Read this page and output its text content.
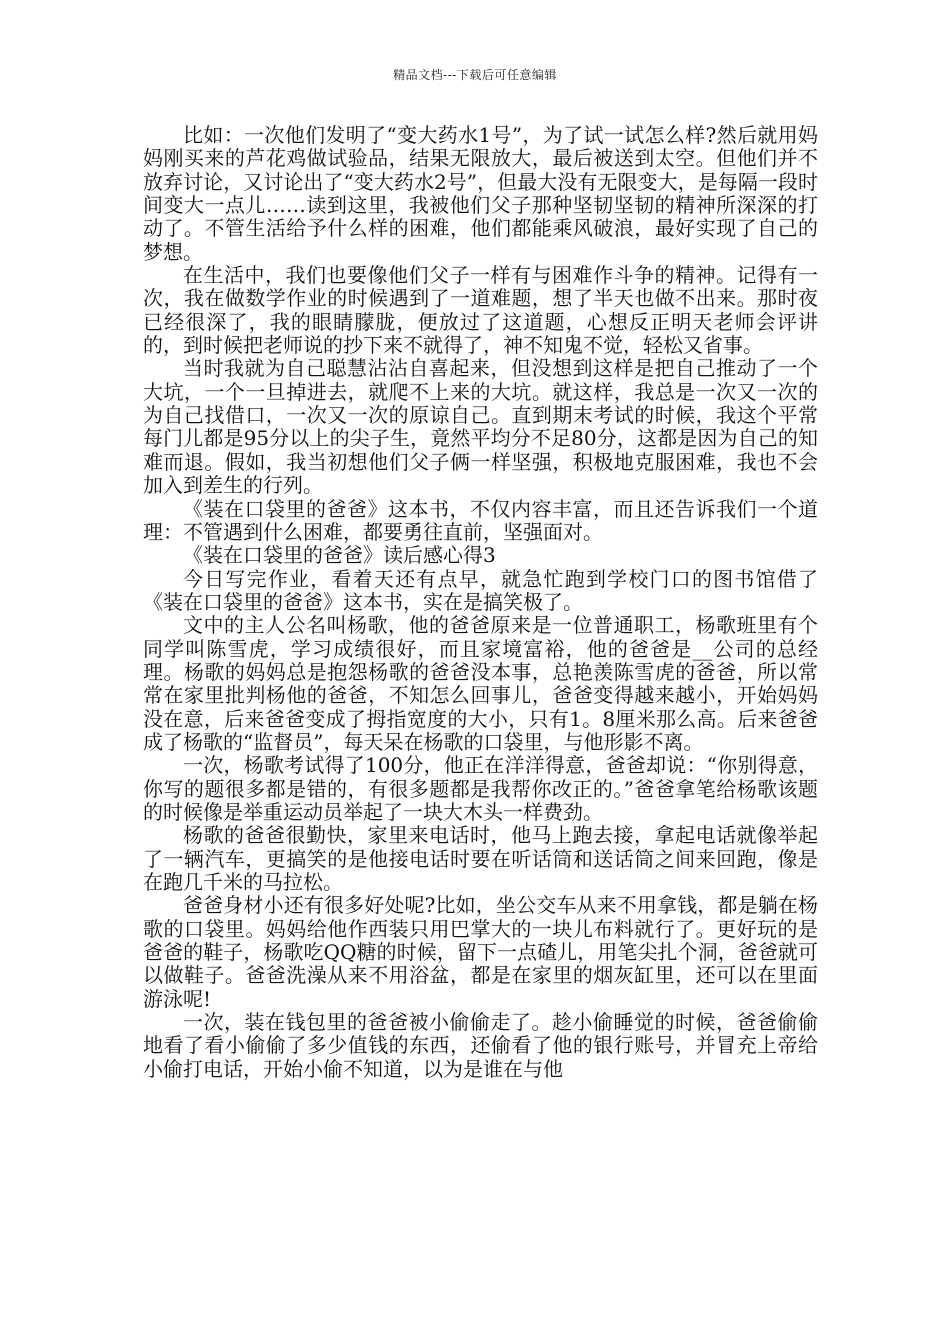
精品文档---下载后可任意编辑

比如：一次他们发明了“变大药水1号”，为了试一试怎么样?然后就用妈妈刚买来的芦花鸡做试验品，结果无限放大，最后被送到太空。但他们并不放弃讨论，又讨论出了“变大药水2号”，但最大没有无限变大，是每隔一段时间变大一点儿……读到这里，我被他们父子那种坚韧坚韧的精神所深深的打动了。不管生活给予什么样的困难，他们都能乘风破浪，最好实现了自己的梦想。

在生活中，我们也要像他们父子一样有与困难作斗争的精神。记得有一次，我在做数学作业的时候遇到了一道难题，想了半天也做不出来。那时夜已经很深了，我的眼睛朦胧，便放过了这道题，心想反正明天老师会评讲的，到时候把老师说的抄下来不就得了，神不知鬼不觉，轻松又省事。

当时我就为自己聪慧沾沾自喜起来，但没想到这样是把自己推动了一个大坑，一个一旦掉进去，就爬不上来的大坑。就这样，我总是一次又一次的为自己找借口，一次又一次的原谅自己。直到期末考试的时候，我这个平常每门儿都是95分以上的尖子生，竟然平均分不足80分，这都是因为自己的知难而退。假如，我当初想他们父子俩一样坚强，积极地克服困难，我也不会加入到差生的行列。

《装在口袋里的爸爸》这本书，不仅内容丰富，而且还告诉我们一个道理：不管遇到什么困难，都要勇往直前，坚强面对。

《装在口袋里的爸爸》读后感心得3

今日写完作业，看着天还有点早，就急忙跑到学校门口的图书馆借了《装在口袋里的爸爸》这本书，实在是搞笑极了。

文中的主人公名叫杨歌，他的爸爸原来是一位普通职工，杨歌班里有个同学叫陈雪虎，学习成绩很好，而且家境富裕，他的爸爸是__公司的总经理。杨歌的妈妈总是抱怨杨歌的爸爸没本事，总艳羡陈雪虎的爸爸，所以常常在家里批判杨他的爸爸，不知怎么回事儿，爸爸变得越来越小，开始妈妈没在意，后来爸爸变成了拇指宽度的大小，只有1。8厘米那么高。后来爸爸成了杨歌的“监督员”，每天呆在杨歌的口袋里，与他形影不离。

一次，杨歌考试得了100分，他正在洋洋得意，爸爸却说：“你别得意，你写的题很多都是错的，有很多题都是我帮你改正的。”爸爸拿笔给杨歌该题的时候像是举重运动员举起了一块大木头一样费劲。

杨歌的爸爸很勤快，家里来电话时，他马上跑去接，拿起电话就像举起了一辆汽车，更搞笑的是他接电话时要在听话筒和送话筒之间来回跑，像是在跑几千米的马拉松。

爸爸身材小还有很多好处呢?比如，坐公交车从来不用拿钱，都是躺在杨歌的口袋里。妈妈给他作西装只用巴掌大的一块儿布料就行了。更好玩的是爸爸的鞋子，杨歌吃QQ糖的时候，留下一点碴儿，用笔尖扎个洞，爸爸就可以做鞋子。爸爸洗澡从来不用浴盆，都是在家里的烟灰缸里，还可以在里面游泳呢!

一次，装在钱包里的爸爸被小偷偷走了。趁小偷睡觉的时候，爸爸偷偷地看了看小偷偷了多少值钱的东西，还偷看了他的银行账号，并冒充上帝给小偷打电话，开始小偷不知道，以为是谁在与他
